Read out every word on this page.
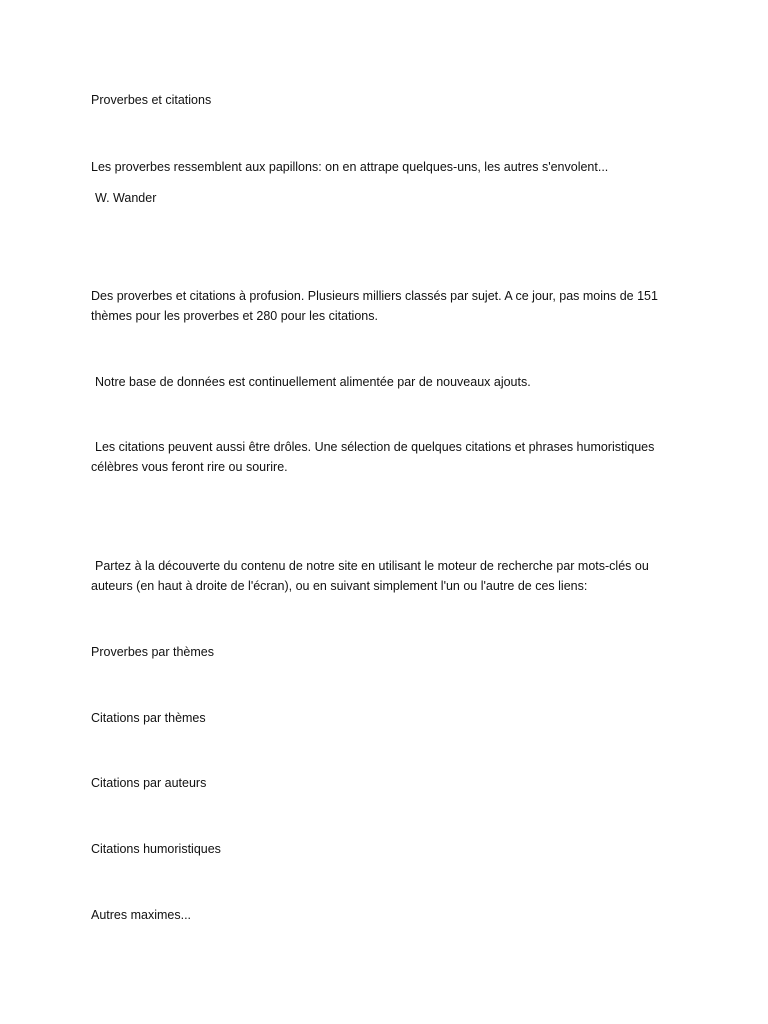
Proverbes et citations

Les proverbes ressemblent aux papillons: on en attrape quelques-uns, les autres s'envolent...

W. Wander

Des proverbes et citations à profusion. Plusieurs milliers classés par sujet. A ce jour, pas moins de 151 thèmes pour les proverbes et 280 pour les citations.

Notre base de données est continuellement alimentée par de nouveaux ajouts.

Les citations peuvent aussi être drôles. Une sélection de quelques citations et phrases humoristiques célèbres vous feront rire ou sourire.

Partez à la découverte du contenu de notre site en utilisant le moteur de recherche par mots-clés ou auteurs (en haut à droite de l'écran), ou en suivant simplement l'un ou l'autre de ces liens:

Proverbes par thèmes
Citations par thèmes
Citations par auteurs
Citations humoristiques
Autres maximes...
